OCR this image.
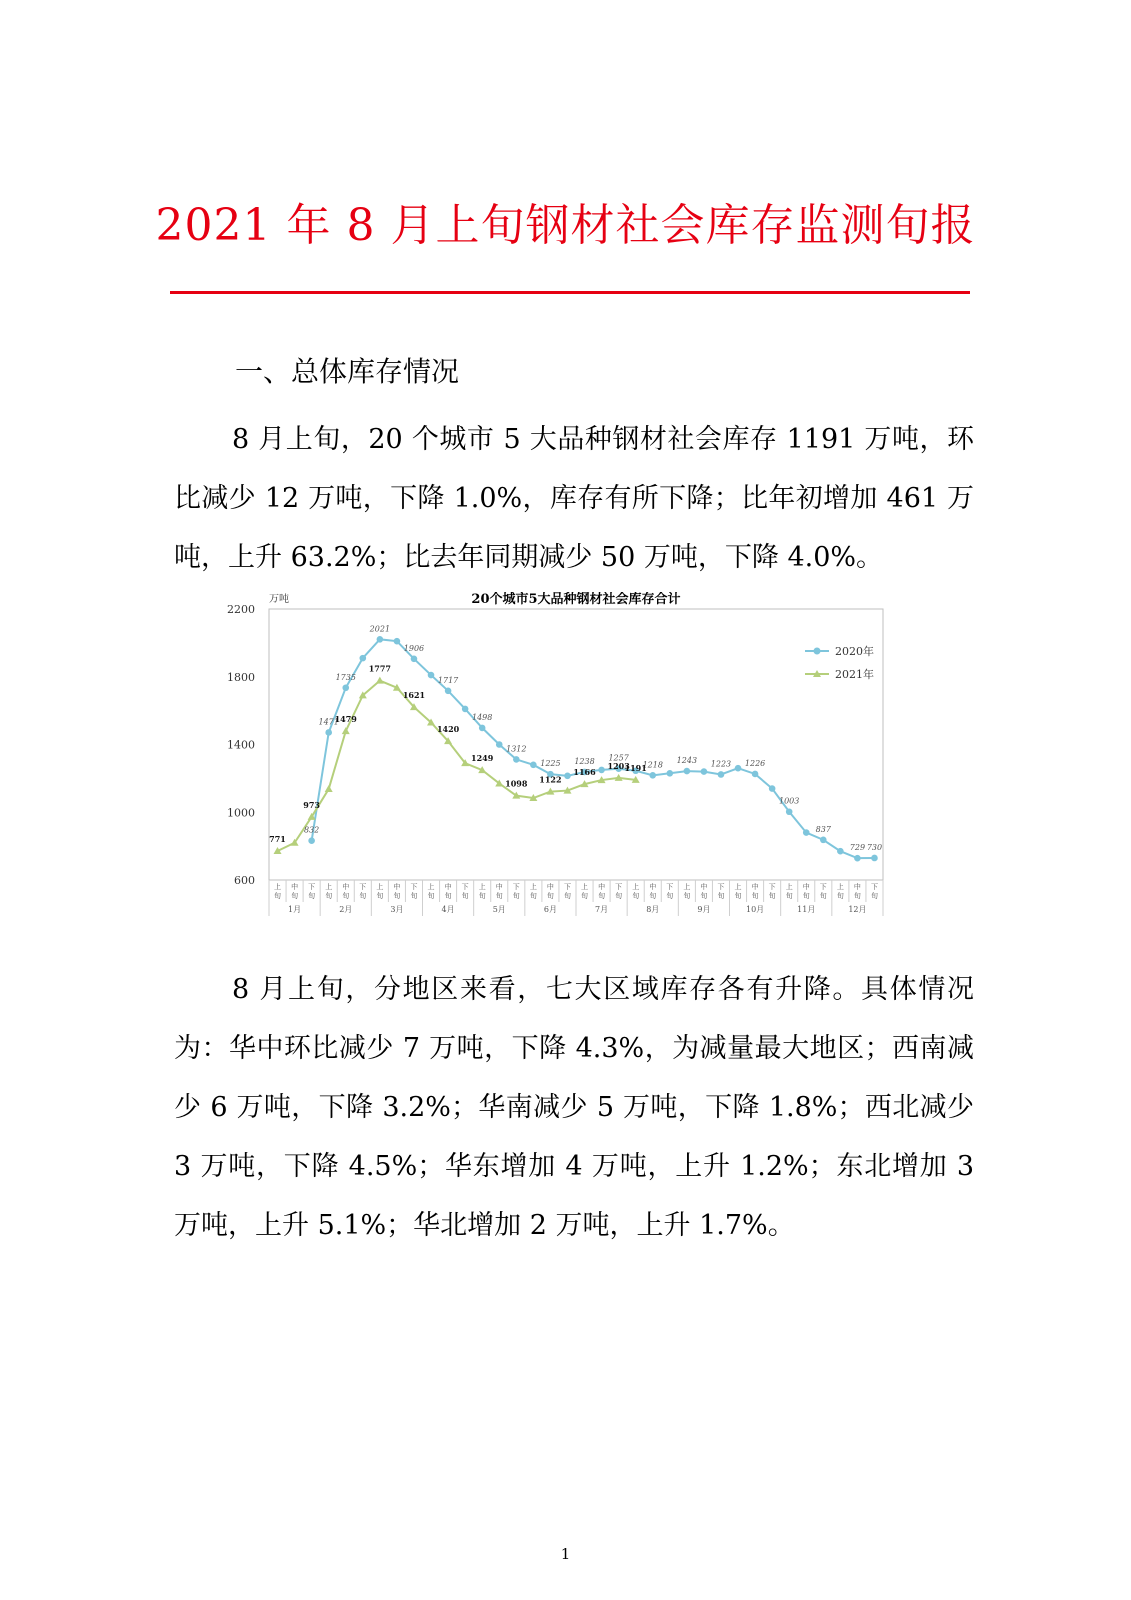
2021 年 8 月上旬钢材社会库存监测旬报
一、总体库存情况
8 月上旬，20 个城市 5 大品种钢材社会库存 1191 万吨，环比减少 12 万吨，下降 1.0%，库存有所下降；比年初增加 461 万吨，上升 63.2%；比去年同期减少 50 万吨，下降 4.0%。
20个城市5大品种钢材社会库存合计
万吨
600
1000
1400
1800
2200
上
旬
中
旬
下
旬
上
旬
中
旬
下
旬
上
旬
中
旬
下
旬
上
旬
中
旬
下
旬
上
旬
中
旬
下
旬
上
旬
中
旬
下
旬
上
旬
中
旬
下
旬
上
旬
中
旬
下
旬
上
旬
中
旬
下
旬
上
旬
中
旬
下
旬
上
旬
中
旬
下
旬
上
旬
中
旬
下
旬
1月	2月	3月	4月	5月	6月	7月	8月	9月	10月	11月	12月
832
1471
1735
2021
1906
1717
1498
1312
1225 1238 1257
1218 1243 1223 1226
1003
837
729 730
771
973
1479
1777
1621
1420
1249
1098 1122
1166
1203
1191
2020年
2021年
8 月上旬，分地区来看，七大区域库存各有升降。具体情况为：华中环比减少 7 万吨，下降 4.3%，为减量最大地区；西南减少 6 万吨，下降 3.2%；华南减少 5 万吨，下降 1.8%；西北减少 3 万吨，下降 4.5%；华东增加 4 万吨，上升 1.2%；东北增加 3 万吨，上升 5.1%；华北增加 2 万吨，上升 1.7%。
1
